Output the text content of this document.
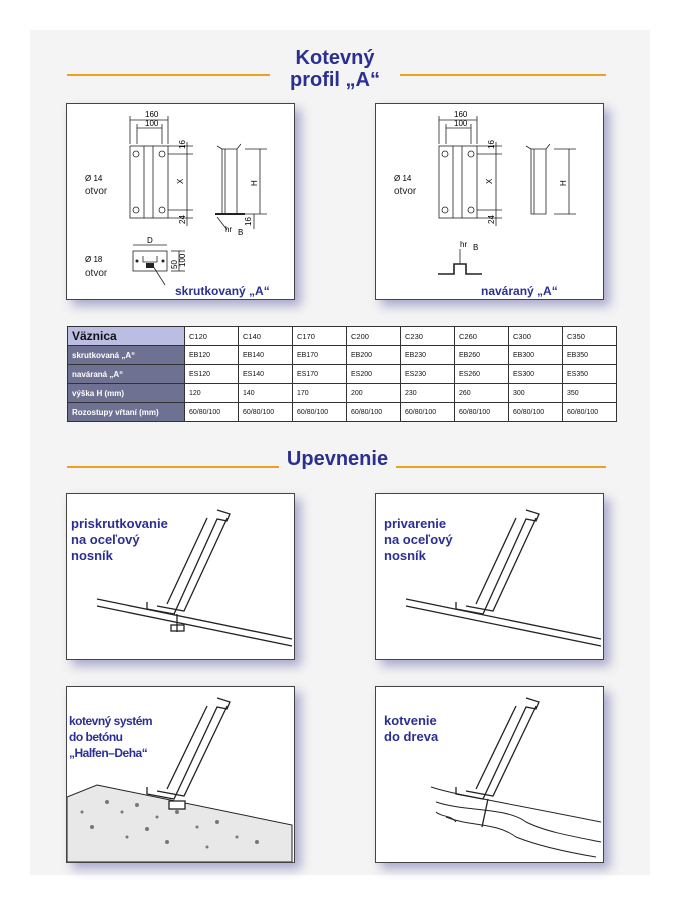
Kotevný
profil „A“
160
100
16
X
24
H
16
Ø 14
otvor
Ø 18
otvor
D
100
50
hr B
skrutkovaný „A“
160
100
16
X
24
H
Ø 14
otvor
hr B
naváraný „A“
Väznica	C120	C140	C170	C200	C230	C260	C300	C350
skrutkovaná „A“	EB120	EB140	EB170	EB200	EB230	EB260	EB300	EB350
naváraná „A“	ES120	ES140	ES170	ES200	ES230	ES260	ES300	ES350
výška H (mm)	120	140	170	200	230	260	300	350
Rozostupy vŕtaní (mm)	60/80/100	60/80/100	60/80/100	60/80/100	60/80/100	60/80/100	60/80/100	60/80/100
Upevnenie
priskrutkovanie
na oceľový
nosník
privarenie
na oceľový
nosník
kotevný systém
do betónu
„Halfen–Deha“
kotvenie
do dreva
